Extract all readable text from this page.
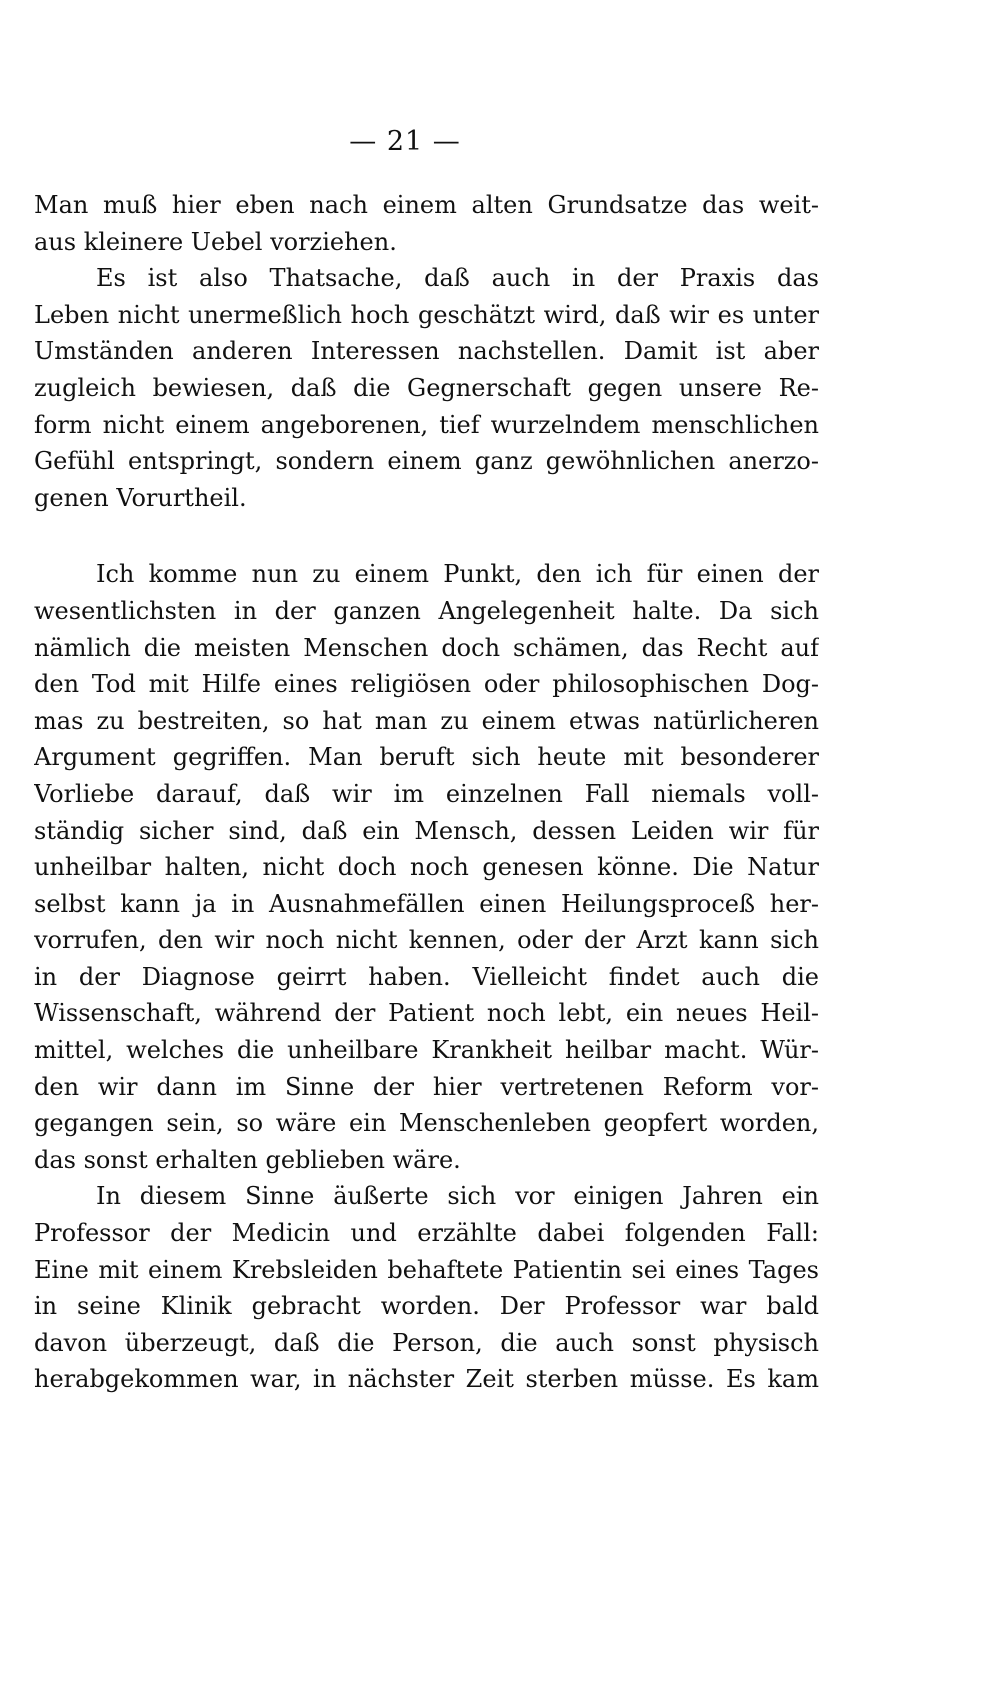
— 21 —
Man muß hier eben nach einem alten Grundsatze das weit-
aus kleinere Uebel vorziehen.
Es ist also Thatsache, daß auch in der Praxis das
Leben nicht unermeßlich hoch geschätzt wird, daß wir es unter
Umständen anderen Interessen nachstellen. Damit ist aber
zugleich bewiesen, daß die Gegnerschaft gegen unsere Re-
form nicht einem angeborenen, tief wurzelndem menschlichen
Gefühl entspringt, sondern einem ganz gewöhnlichen anerzo-
genen Vorurtheil.
Ich komme nun zu einem Punkt, den ich für einen der
wesentlichsten in der ganzen Angelegenheit halte. Da sich
nämlich die meisten Menschen doch schämen, das Recht auf
den Tod mit Hilfe eines religiösen oder philosophischen Dog-
mas zu bestreiten, so hat man zu einem etwas natürlicheren
Argument gegriffen. Man beruft sich heute mit besonderer
Vorliebe darauf, daß wir im einzelnen Fall niemals voll-
ständig sicher sind, daß ein Mensch, dessen Leiden wir für
unheilbar halten, nicht doch noch genesen könne. Die Natur
selbst kann ja in Ausnahmefällen einen Heilungsproceß her-
vorrufen, den wir noch nicht kennen, oder der Arzt kann sich
in der Diagnose geirrt haben. Vielleicht findet auch die
Wissenschaft, während der Patient noch lebt, ein neues Heil-
mittel, welches die unheilbare Krankheit heilbar macht. Wür-
den wir dann im Sinne der hier vertretenen Reform vor-
gegangen sein, so wäre ein Menschenleben geopfert worden,
das sonst erhalten geblieben wäre.
In diesem Sinne äußerte sich vor einigen Jahren ein
Professor der Medicin und erzählte dabei folgenden Fall:
Eine mit einem Krebsleiden behaftete Patientin sei eines Tages
in seine Klinik gebracht worden. Der Professor war bald
davon überzeugt, daß die Person, die auch sonst physisch
herabgekommen war, in nächster Zeit sterben müsse. Es kam
